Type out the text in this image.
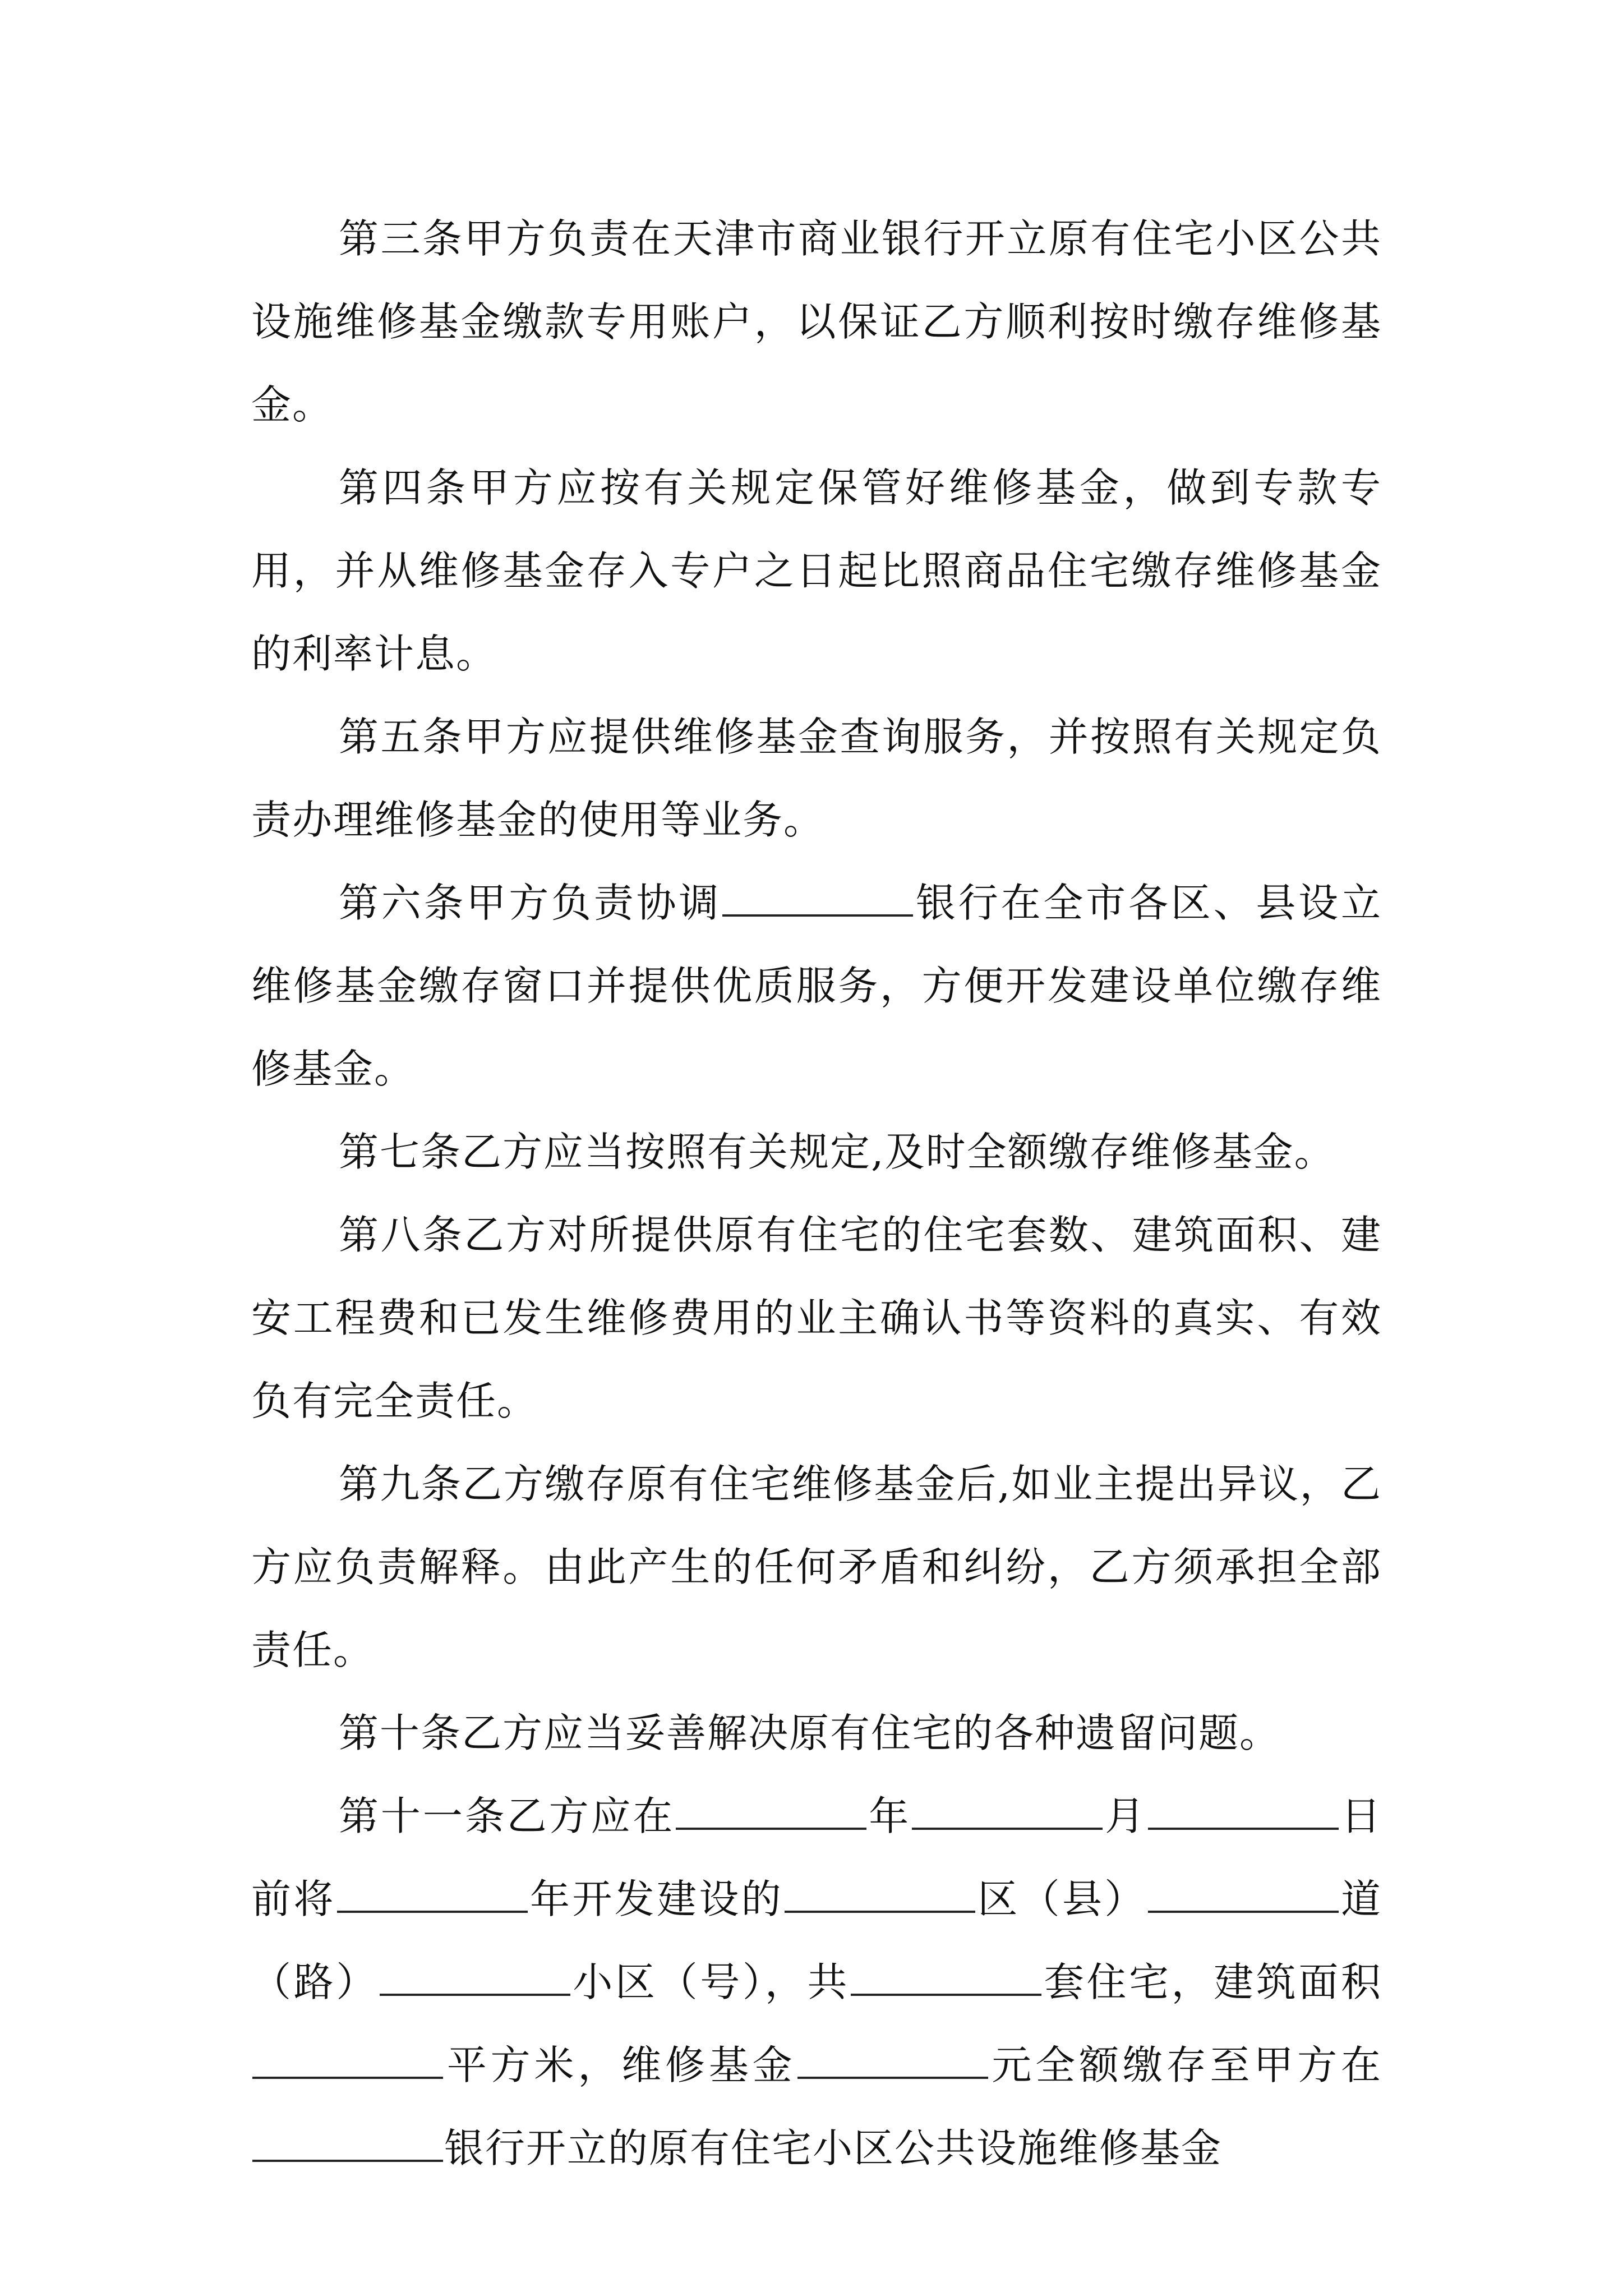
第三条甲方负责在天津市商业银行开立原有住宅小区公共设施维修基金缴款专用账户，以保证乙方顺利按时缴存维修基金。

第四条甲方应按有关规定保管好维修基金，做到专款专用，并从维修基金存入专户之日起比照商品住宅缴存维修基金的利率计息。

第五条甲方应提供维修基金查询服务，并按照有关规定负责办理维修基金的使用等业务。

第六条甲方负责协调	银行在全市各区、县设立维修基金缴存窗口并提供优质服务，方便开发建设单位缴存维修基金。

第七条乙方应当按照有关规定,及时全额缴存维修基金。

第八条乙方对所提供原有住宅的住宅套数、建筑面积、建安工程费和已发生维修费用的业主确认书等资料的真实、有效负有完全责任。

第九条乙方缴存原有住宅维修基金后,如业主提出异议，乙方应负责解释。由此产生的任何矛盾和纠纷，乙方须承担全部责任。

第十条乙方应当妥善解决原有住宅的各种遗留问题。

第十一条乙方应在	年	月	日前将	年开发建设的	区（县）	道（路）	小区（号），共	套住宅，建筑面积平方米，维修基金	元全额缴存至甲方在银行开立的原有住宅小区公共设施维修基金
